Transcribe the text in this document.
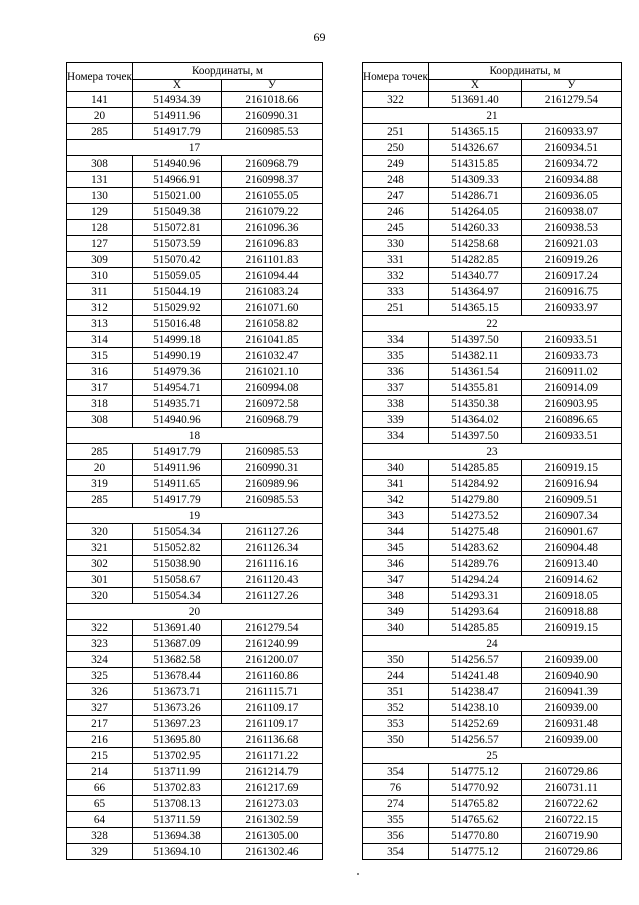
69
Номера точек	Координаты, м	
	X	У
141	514934.39	2161018.66
20	514911.96	2160990.31
285	514917.79	2160985.53
17		
308	514940.96	2160968.79
131	514966.91	2160998.37
130	515021.00	2161055.05
129	515049.38	2161079.22
128	515072.81	2161096.36
127	515073.59	2161096.83
309	515070.42	2161101.83
310	515059.05	2161094.44
311	515044.19	2161083.24
312	515029.92	2161071.60
313	515016.48	2161058.82
314	514999.18	2161041.85
315	514990.19	2161032.47
316	514979.36	2161021.10
317	514954.71	2160994.08
318	514935.71	2160972.58
308	514940.96	2160968.79
18		
285	514917.79	2160985.53
20	514911.96	2160990.31
319	514911.65	2160989.96
285	514917.79	2160985.53
19		
320	515054.34	2161127.26
321	515052.82	2161126.34
302	515038.90	2161116.16
301	515058.67	2161120.43
320	515054.34	2161127.26
20		
322	513691.40	2161279.54
323	513687.09	2161240.99
324	513682.58	2161200.07
325	513678.44	2161160.86
326	513673.71	2161115.71
327	513673.26	2161109.17
217	513697.23	2161109.17
216	513695.80	2161136.68
215	513702.95	2161171.22
214	513711.99	2161214.79
66	513702.83	2161217.69
65	513708.13	2161273.03
64	513711.59	2161302.59
328	513694.38	2161305.00
329	513694.10	2161302.46
Номера точек	Координаты, м	
	X	У
322	513691.40	2161279.54
21		
251	514365.15	2160933.97
250	514326.67	2160934.51
249	514315.85	2160934.72
248	514309.33	2160934.88
247	514286.71	2160936.05
246	514264.05	2160938.07
245	514260.33	2160938.53
330	514258.68	2160921.03
331	514282.85	2160919.26
332	514340.77	2160917.24
333	514364.97	2160916.75
251	514365.15	2160933.97
22		
334	514397.50	2160933.51
335	514382.11	2160933.73
336	514361.54	2160911.02
337	514355.81	2160914.09
338	514350.38	2160903.95
339	514364.02	2160896.65
334	514397.50	2160933.51
23		
340	514285.85	2160919.15
341	514284.92	2160916.94
342	514279.80	2160909.51
343	514273.52	2160907.34
344	514275.48	2160901.67
345	514283.62	2160904.48
346	514289.76	2160913.40
347	514294.24	2160914.62
348	514293.31	2160918.05
349	514293.64	2160918.88
340	514285.85	2160919.15
24		
350	514256.57	2160939.00
244	514241.48	2160940.90
351	514238.47	2160941.39
352	514238.10	2160939.00
353	514252.69	2160931.48
350	514256.57	2160939.00
25		
354	514775.12	2160729.86
76	514770.92	2160731.11
274	514765.82	2160722.62
355	514765.62	2160722.15
356	514770.80	2160719.90
354	514775.12	2160729.86
